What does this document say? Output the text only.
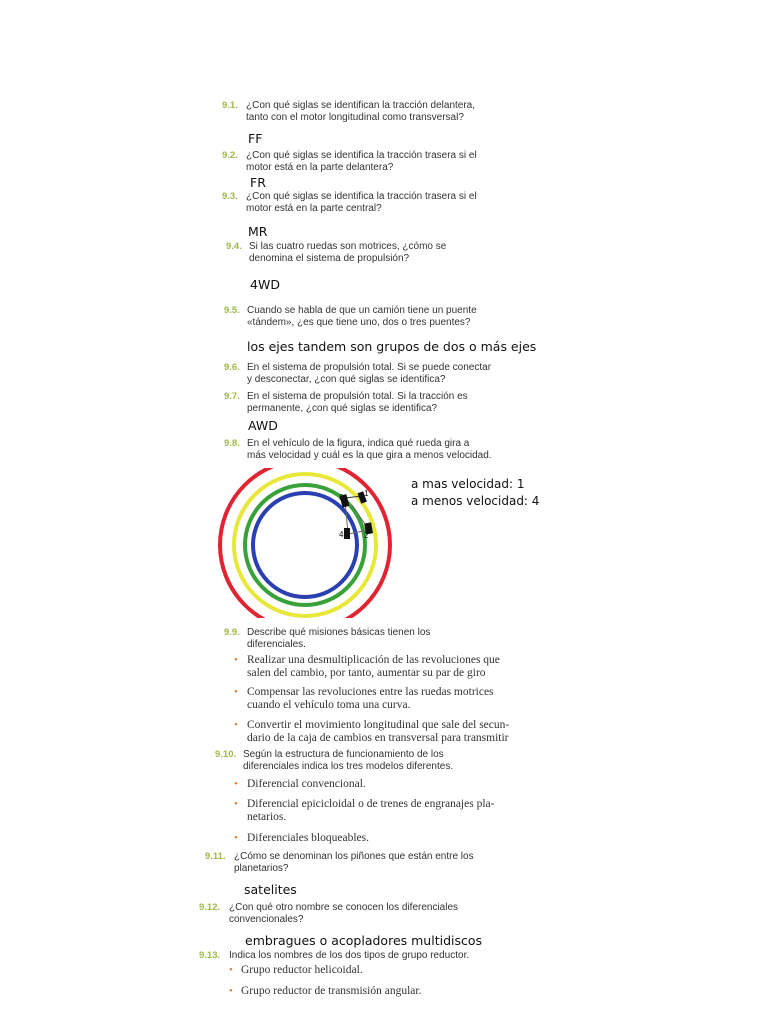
9.1. ¿Con qué siglas se identifican la tracción delantera,
tanto con el motor longitudinal como transversal?
FF
9.2. ¿Con qué siglas se identifica la tracción trasera si el
motor está en la parte delantera?
FR
9.3. ¿Con qué siglas se identifica la tracción trasera si el
motor está en la parte central?
MR
9.4. Si las cuatro ruedas son motrices, ¿cómo se
denomina el sistema de propulsión?
4WD
9.5. Cuando se habla de que un camión tiene un puente
«tándem», ¿es que tiene uno, dos o tres puentes?
los ejes tandem son grupos de dos o más ejes
9.6. En el sistema de propulsión total. Si se puede conectar
y desconectar, ¿con qué siglas se identifica?
9.7. En el sistema de propulsión total. Si la tracción es
permanente, ¿con qué siglas se identifica?
AWD
9.8. En el vehículo de la figura, indica qué rueda gira a
más velocidad y cuál es la que gira a menos velocidad.
3	1
4	2
a mas velocidad: 1
a menos velocidad: 4
9.9. Describe qué misiones básicas tienen los
diferenciales.
• Realizar una desmultiplicación de las revoluciones que
salen del cambio, por tanto, aumentar su par de giro
• Compensar las revoluciones entre las ruedas motrices
cuando el vehículo toma una curva.
• Convertir el movimiento longitudinal que sale del secun-
dario de la caja de cambios en transversal para transmitir
9.10. Según la estructura de funcionamiento de los
diferenciales indica los tres modelos diferentes.
• Diferencial convencional.
• Diferencial epicicloidal o de trenes de engranajes pla-
netarios.
• Diferenciales bloqueables.
9.11. ¿Cómo se denominan los piñones que están entre los
planetarios?
satelites
9.12. ¿Con qué otro nombre se conocen los diferenciales
convencionales?
embragues o acopladores multidiscos
9.13. Indica los nombres de los dos tipos de grupo reductor.
• Grupo reductor helicoidal.
• Grupo reductor de transmisión angular.
